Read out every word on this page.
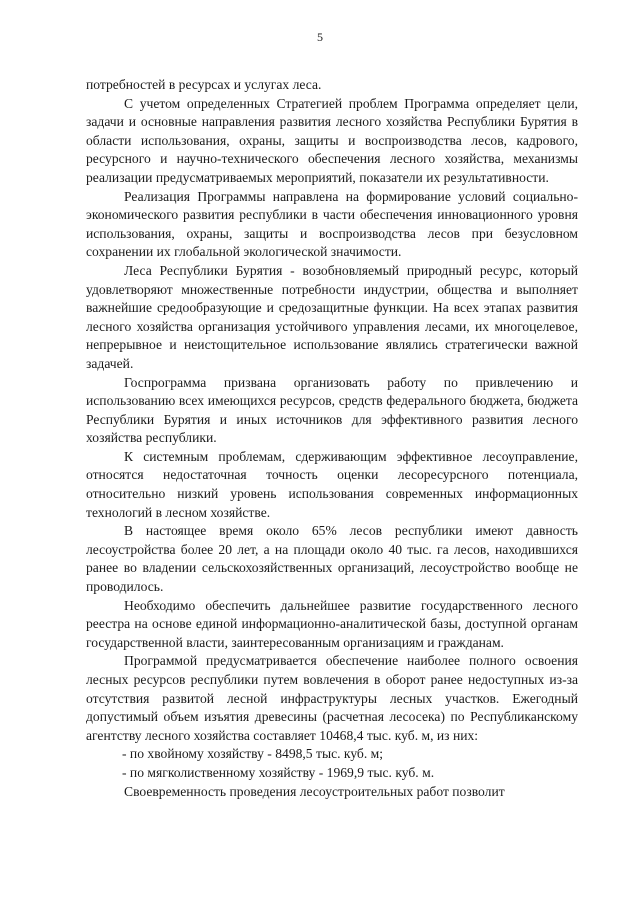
5

потребностей в ресурсах и услугах леса.

С учетом определенных Стратегией проблем Программа определяет цели, задачи и основные направления развития лесного хозяйства Республики Бурятия в области использования, охраны, защиты и воспроизводства лесов, кадрового, ресурсного и научно-технического обеспечения лесного хозяйства, механизмы реализации предусматриваемых мероприятий, показатели их результативности.

Реализация Программы направлена на формирование условий социально-экономического развития республики в части обеспечения инновационного уровня использования, охраны, защиты и воспроизводства лесов при безусловном сохранении их глобальной экологической значимости.

Леса Республики Бурятия - возобновляемый природный ресурс, который удовлетворяют множественные потребности индустрии, общества и выполняет важнейшие средообразующие и средозащитные функции. На всех этапах развития лесного хозяйства организация устойчивого управления лесами, их многоцелевое, непрерывное и неистощительное использование являлись стратегически важной задачей.

Госпрограмма призвана организовать работу по привлечению и использованию всех имеющихся ресурсов, средств федерального бюджета, бюджета Республики Бурятия и иных источников для эффективного развития лесного хозяйства республики.

К системным проблемам, сдерживающим эффективное лесоуправление, относятся недостаточная точность оценки лесоресурсного потенциала, относительно низкий уровень использования современных информационных технологий в лесном хозяйстве.

В настоящее время около 65% лесов республики имеют давность лесоустройства более 20 лет, а на площади около 40 тыс. га лесов, находившихся ранее во владении сельскохозяйственных организаций, лесоустройство вообще не проводилось.

Необходимо обеспечить дальнейшее развитие государственного лесного реестра на основе единой информационно-аналитической базы, доступной органам государственной власти, заинтересованным организациям и гражданам.

Программой предусматривается обеспечение наиболее полного освоения лесных ресурсов республики путем вовлечения в оборот ранее недоступных из-за отсутствия развитой лесной инфраструктуры лесных участков. Ежегодный допустимый объем изъятия древесины (расчетная лесосека) по Республиканскому агентству лесного хозяйства составляет 10468,4 тыс. куб. м, из них:

- по хвойному хозяйству - 8498,5 тыс. куб. м;

- по мягколиственному хозяйству - 1969,9 тыс. куб. м.

Своевременность проведения лесоустроительных работ позволит
